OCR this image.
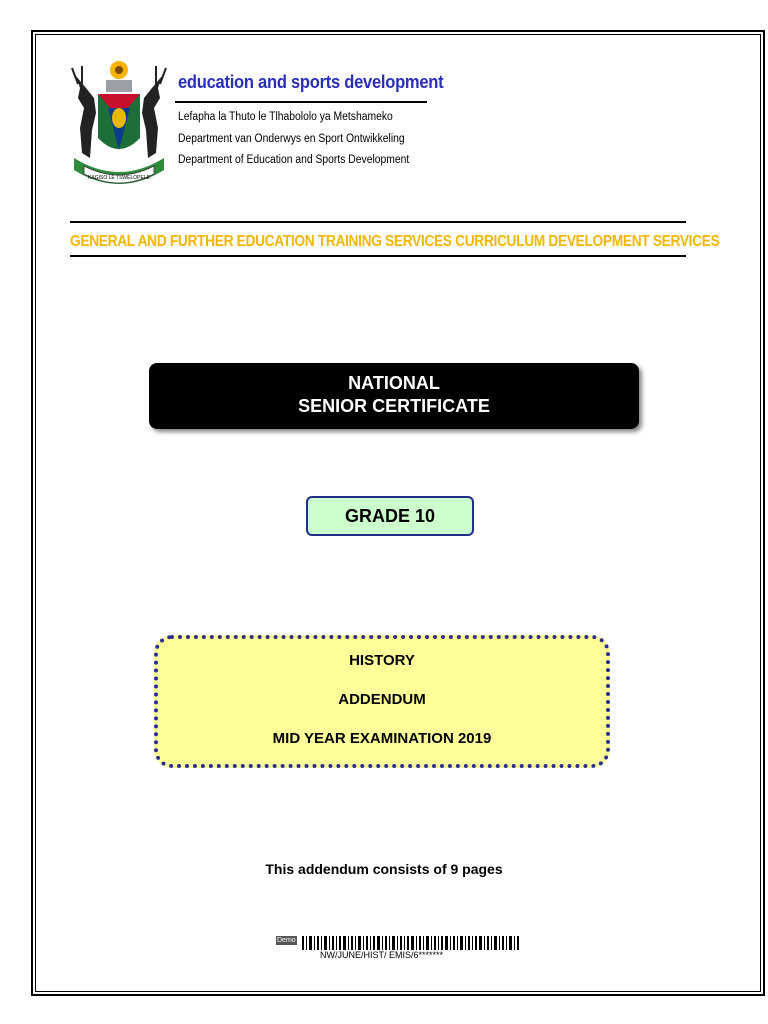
KAGISO LE TSWELOPELE
education and sports development
Lefapha la Thuto le Tlhabololo ya Metshameko
Department van Onderwys en Sport Ontwikkeling
Department of Education and Sports Development
GENERAL AND FURTHER EDUCATION TRAINING SERVICES CURRICULUM DEVELOPMENT SERVICES
NATIONAL
SENIOR CERTIFICATE
GRADE 10
HISTORY
ADDENDUM
MID YEAR EXAMINATION 2019
This addendum consists of 9 pages
Demo
NW/JUNE/HIST/ EMIS/6*******
